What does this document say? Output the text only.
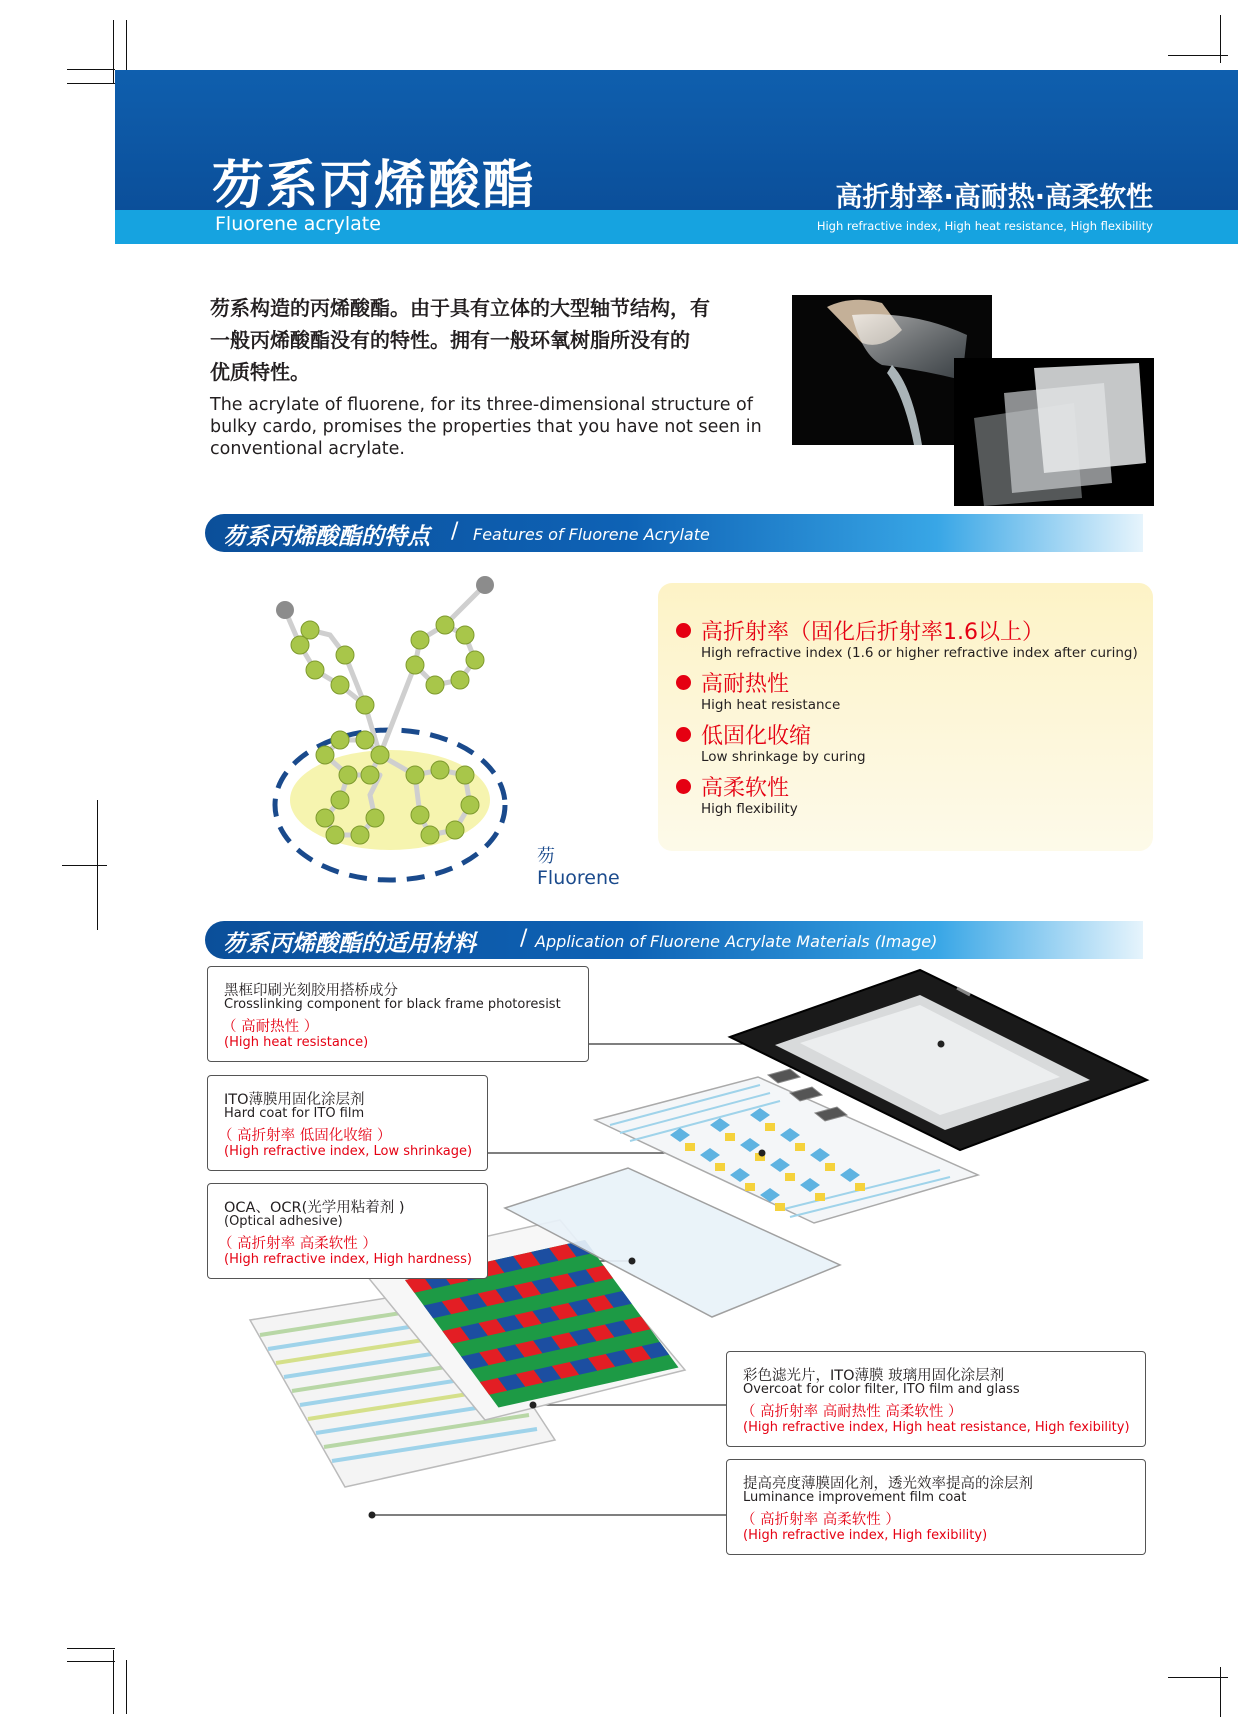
芴系丙烯酸酯
Fluorene acrylate
高折射率·高耐热·高柔软性
High refractive index, High heat resistance, High flexibility
芴系构造的丙烯酸酯。由于具有立体的大型轴节结构，有
一般丙烯酸酯没有的特性。拥有一般环氧树脂所没有的
优质特性。
The acrylate of fluorene, for its three-dimensional structure of
bulky cardo, promises the properties that you have not seen in
conventional acrylate.
芴系丙烯酸酯的特点 / Features of Fluorene Acrylate
芴
Fluorene
高折射率（固化后折射率1.6以上）
High refractive index (1.6 or higher refractive index after curing)
高耐热性
High heat resistance
低固化收缩
Low shrinkage by curing
高柔软性
High flexibility
芴系丙烯酸酯的适用材料 / Application of Fluorene Acrylate Materials (Image)
黑框印刷光刻胶用搭桥成分
Crosslinking component for black frame photoresist
（ 高耐热性 ）
(High heat resistance)
ITO薄膜用固化涂层剂
Hard coat for ITO film
（ 高折射率 低固化收缩 ）
(High refractive index, Low shrinkage)
OCA、OCR(光学用粘着剂 )
(Optical adhesive)
（ 高折射率 高柔软性 ）
(High refractive index, High hardness)
彩色滤光片，ITO薄膜 玻璃用固化涂层剂
Overcoat for color filter, ITO film and glass
（ 高折射率 高耐热性 高柔软性 ）
(High refractive index, High heat resistance, High fexibility)
提高亮度薄膜固化剂，透光效率提高的涂层剂
Luminance improvement film coat
（ 高折射率 高柔软性 ）
(High refractive index, High fexibility)
